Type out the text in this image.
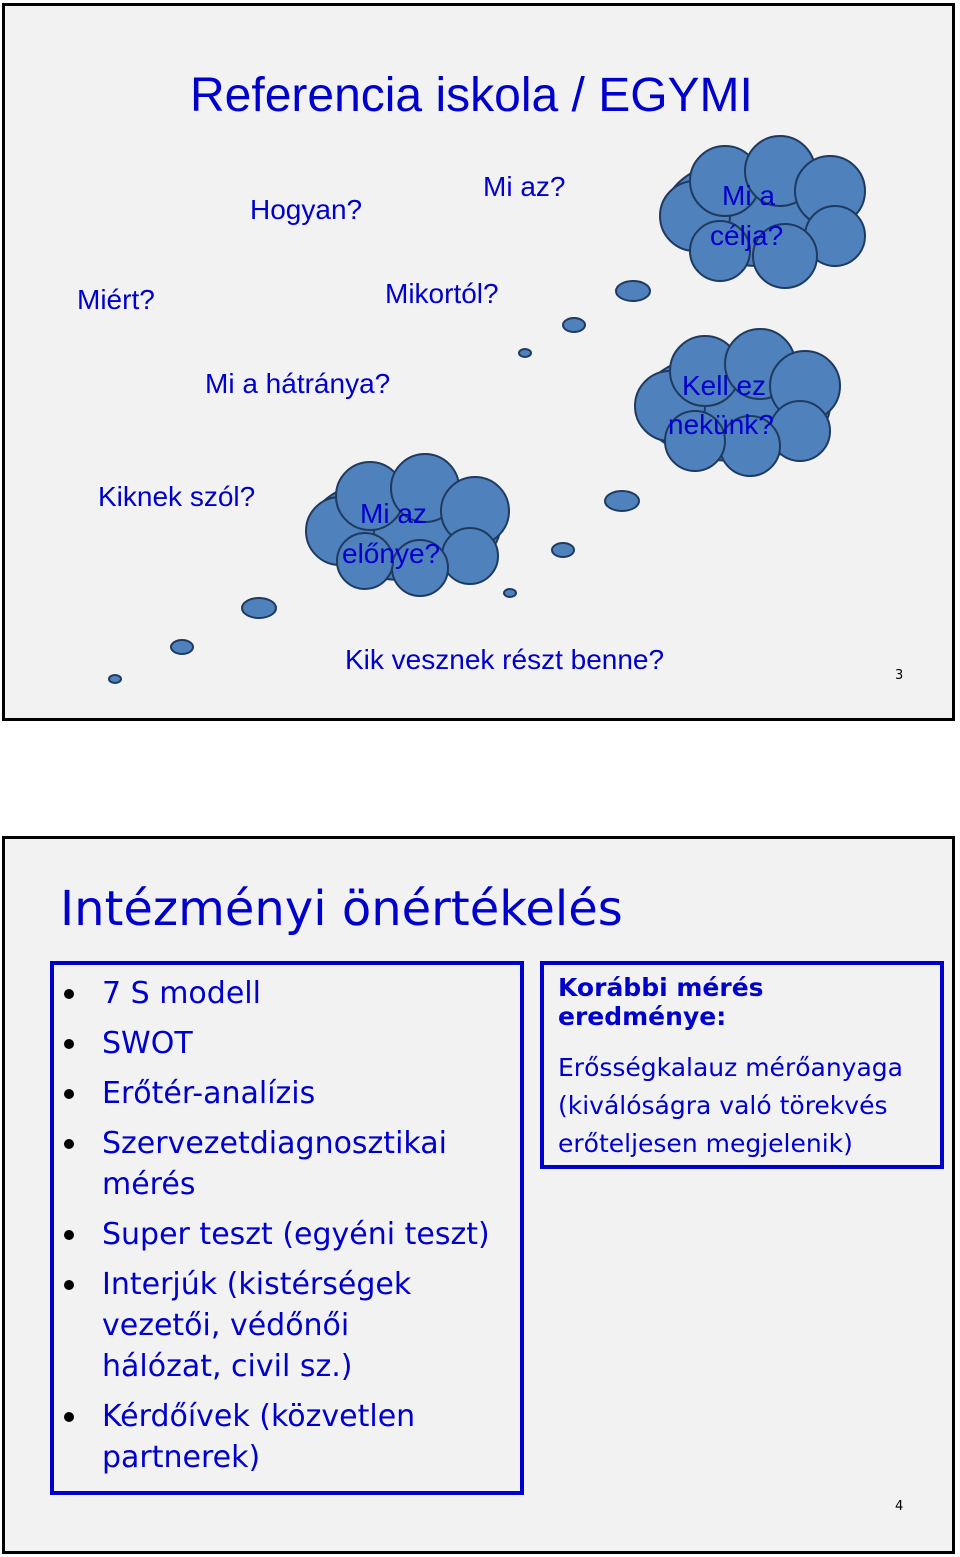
Referencia iskola / EGYMI
Hogyan?
Mi az?
Miért?	Mikortól?
Mi a hátránya?
Kiknek szól?
Kik vesznek részt benne?
Mi a
célja?
Kell ez
nekünk?
Mi az
előnye?
3
Intézményi önértékelés
7 S modell
SWOT
Erőtér-analízis
Szervezetdiagnosztikai mérés
Super teszt (egyéni teszt)
Interjúk (kistérségek vezetői, védőnői hálózat, civil sz.)
Kérdőívek (közvetlen partnerek)
Korábbi mérés eredménye:
Erősségkalauz mérőanyaga (kiválóságra való törekvés erőteljesen megjelenik)
4
